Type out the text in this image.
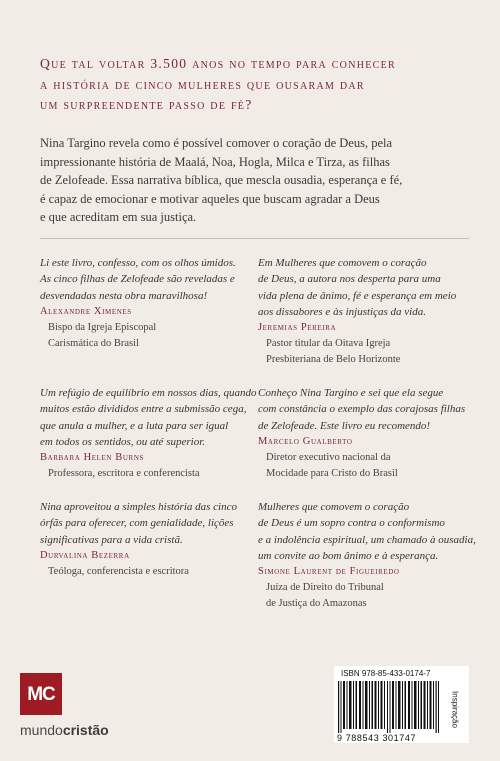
Que tal voltar 3.500 anos no tempo para conhecer
a história de cinco mulheres que ousaram dar
um surpreendente passo de fé?
Nina Targino revela como é possível comover o coração de Deus, pela
impressionante história de Maalá, Noa, Hogla, Milca e Tirza, as filhas
de Zelofeade. Essa narrativa bíblica, que mescla ousadia, esperança e fé,
é capaz de emocionar e motivar aqueles que buscam agradar a Deus
e que acreditam em sua justiça.
Li este livro, confesso, com os olhos úmidos.
As cinco filhas de Zelofeade são reveladas e
desvendadas nesta obra maravilhosa!
Alexandre Ximenes
Bispo da Igreja Episcopal
Carismática do Brasil
Um refúgio de equilíbrio em nossos dias, quando
muitos estão divididos entre a submissão cega,
que anula a mulher, e a luta para ser igual
em todos os sentidos, ou até superior.
Barbara Helen Burns
Professora, escritora e conferencista
Nina aproveitou a simples história das cinco
órfãs para oferecer, com genialidade, lições
significativas para a vida cristã.
Durvalina Bezerra
Teóloga, conferencista e escritora
Em Mulheres que comovem o coração
de Deus, a autora nos desperta para uma
vida plena de ânimo, fé e esperança em meio
aos dissabores e às injustiças da vida.
Jeremias Pereira
Pastor titular da Oitava Igreja
Presbiteriana de Belo Horizonte
Conheço Nina Targino e sei que ela segue
com constância o exemplo das corajosas filhas
de Zelofeade. Este livro eu recomendo!
Marcelo Gualberto
Diretor executivo nacional da
Mocidade para Cristo do Brasil
Mulheres que comovem o coração
de Deus é um sopro contra o conformismo
e a indolência espiritual, um chamado à ousadia,
um convite ao bom ânimo e à esperança.
Simone Laurent de Figueiredo
Juíza de Direito do Tribunal
de Justiça do Amazonas
MC
mundocristão
ISBN 978-85-433-0174-7
9 788543 301747
Inspiração
